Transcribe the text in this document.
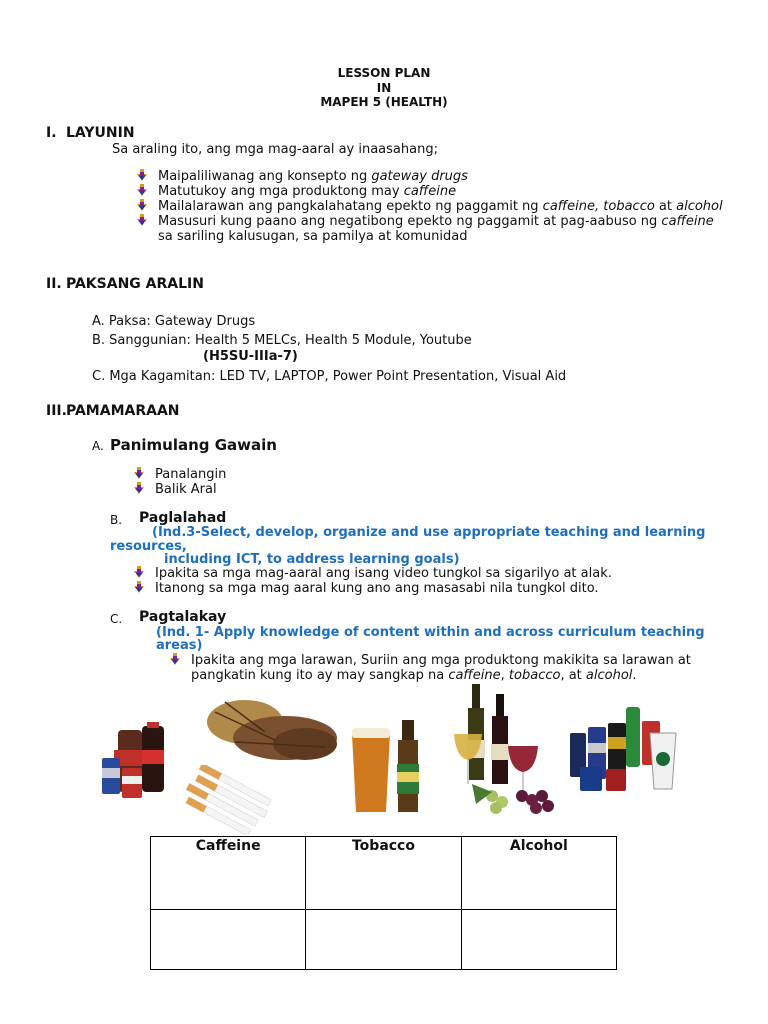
LESSON PLAN
IN
MAPEH 5 (HEALTH)
I. LAYUNIN
Sa araling ito, ang mga mag-aaral ay inaasahang;
Maipaliliwanag ang konsepto ng gateway drugs
Matutukoy ang mga produktong may caffeine
Mailalarawan ang pangkalahatang epekto ng paggamit ng caffeine, tobacco at alcohol
Masusuri kung paano ang negatibong epekto ng paggamit at pag-aabuso ng caffeine
sa sariling kalusugan, sa pamilya at komunidad
II. PAKSANG ARALIN
A. Paksa: Gateway Drugs
B. Sanggunian: Health 5 MELCs, Health 5 Module, Youtube
(H5SU-IIIa-7)
C. Mga Kagamitan: LED TV, LAPTOP, Power Point Presentation, Visual Aid
III. PAMAMARAAN
A. Panimulang Gawain
Panalangin
Balik Aral
B. Paglalahad
(Ind.3-Select, develop, organize and use appropriate teaching and learning
resources,
including ICT, to address learning goals)
Ipakita sa mga mag-aaral ang isang video tungkol sa sigarilyo at alak.
Itanong sa mga mag aaral kung ano ang masasabi nila tungkol dito.
C. Pagtalakay
(Ind. 1- Apply knowledge of content within and across curriculum teaching
areas)
Ipakita ang mga larawan, Suriin ang mga produktong makikita sa larawan at
pangkatin kung ito ay may sangkap na caffeine, tobacco, at alcohol.
Caffeine	Tobacco	Alcohol
